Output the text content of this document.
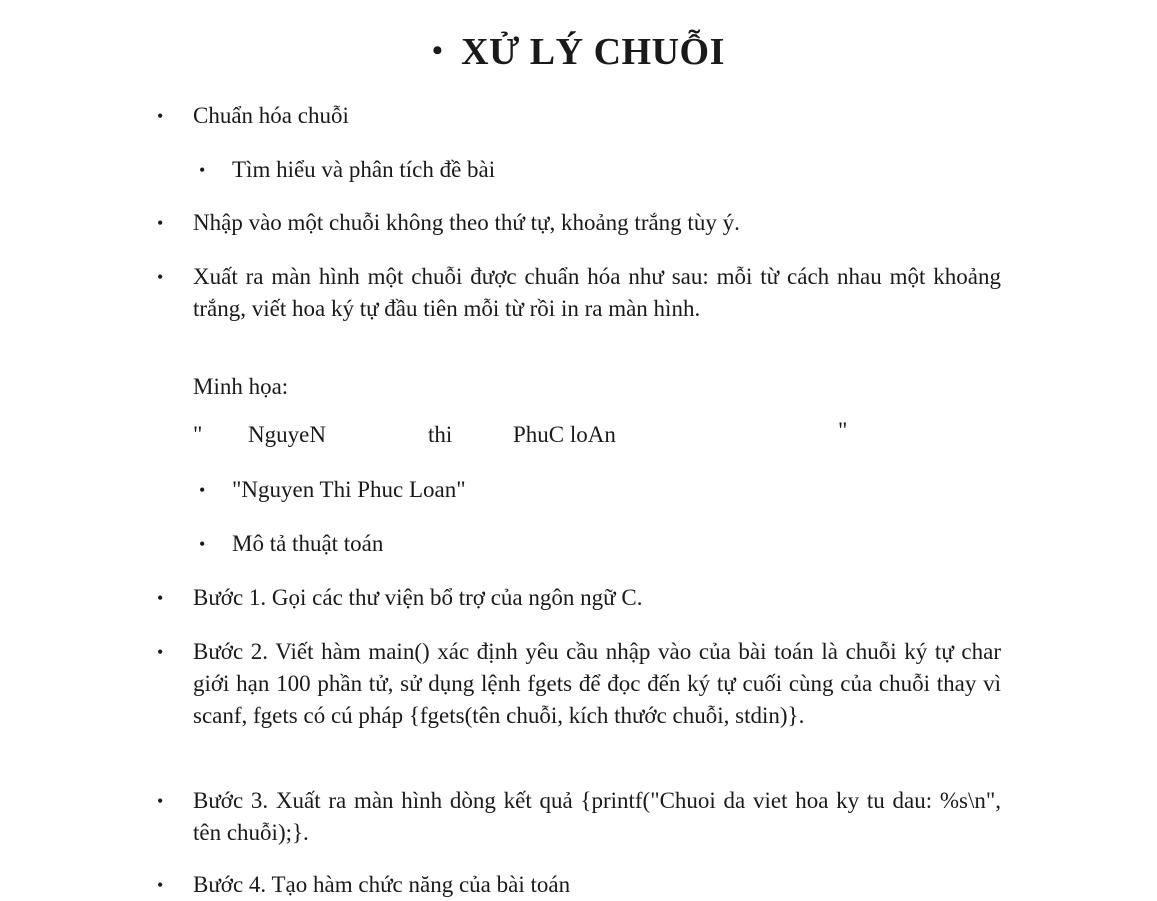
• XỬ LÝ CHUỖI
• Chuẩn hóa chuỗi
• Tìm hiểu và phân tích đề bài
• Nhập vào một chuỗi không theo thứ tự, khoảng trắng tùy ý.
• Xuất ra màn hình một chuỗi được chuẩn hóa như sau: mỗi từ cách nhau một khoảng trắng, viết hoa ký tự đầu tiên mỗi từ rồi in ra màn hình.
Minh họa:
" NguyeN	thi	PhuC loAn	"
• "Nguyen Thi Phuc Loan"
• Mô tả thuật toán
• Bước 1. Gọi các thư viện bổ trợ của ngôn ngữ C.
• Bước 2. Viết hàm main() xác định yêu cầu nhập vào của bài toán là chuỗi ký tự char giới hạn 100 phần tử, sử dụng lệnh fgets để đọc đến ký tự cuối cùng của chuỗi thay vì scanf, fgets có cú pháp {fgets(tên chuỗi, kích thước chuỗi, stdin)}.
• Bước 3. Xuất ra màn hình dòng kết quả {printf("Chuoi da viet hoa ky tu dau: %s\n", tên chuỗi);}.
• Bước 4. Tạo hàm chức năng của bài toán
